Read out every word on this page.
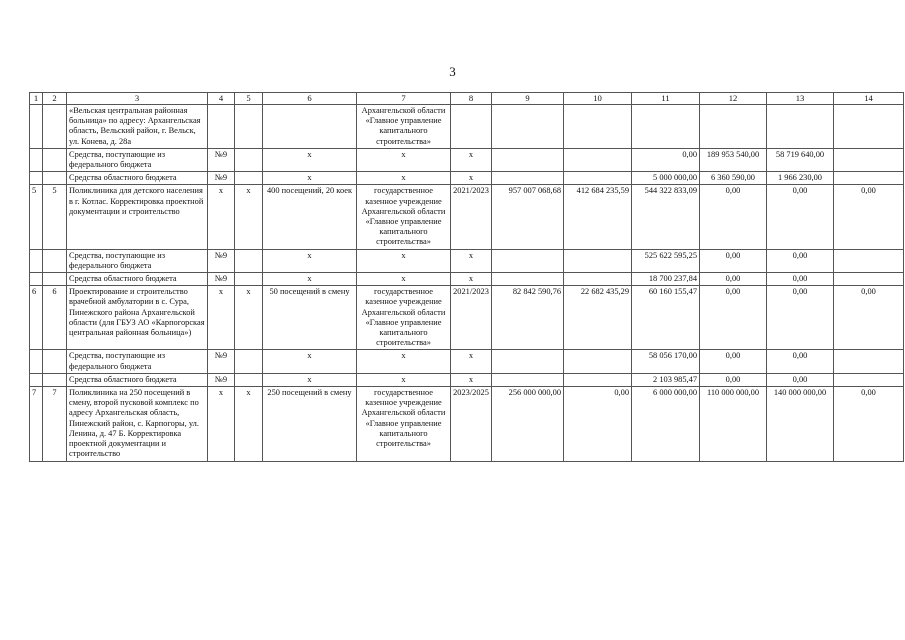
3
1	2	3	4	5	6	7	8	9	10	11	12	13	14
		«Вельская центральная районная больница» по адресу: Архангельская область, Вельский район, г. Вельск, ул. Конева, д. 28а				Архангельской области «Главное управление капитального строительства»							
		Средства, поступающие из федерального бюджета	№9		х	х	х			0,00	189 953 540,00	58 719 640,00	
		Средства областного бюджета	№9		х	х	х			5 000 000,00	6 360 590,00	1 966 230,00	
5	5	Поликлиника для детского населения в г. Котлас. Корректировка проектной документации и строительство	х	х	400 посещений, 20 коек	государственное казенное учреждение Архангельской области «Главное управление капитального строительства»	2021/2023	957 007 068,68	412 684 235,59	544 322 833,09	0,00	0,00	0,00
		Средства, поступающие из федерального бюджета	№9		х	х	х			525 622 595,25	0,00	0,00	
		Средства областного бюджета	№9		х	х	х			18 700 237,84	0,00	0,00	
6	6	Проектирование и строительство врачебной амбулатории в с. Сура, Пинежского района Архангельской области (для ГБУЗ АО «Карпогорская центральная районная больница»)	х	х	50 посещений в смену	государственное казенное учреждение Архангельской области «Главное управление капитального строительства»	2021/2023	82 842 590,76	22 682 435,29	60 160 155,47	0,00	0,00	0,00
		Средства, поступающие из федерального бюджета	№9		х	х	х			58 056 170,00	0,00	0,00	
		Средства областного бюджета	№9		х	х	х			2 103 985,47	0,00	0,00	
7	7	Поликлиника на 250 посещений в смену, второй пусковой комплекс по адресу Архангельская область, Пинежский район, с. Карпогоры, ул. Ленина, д. 47 Б. Корректировка проектной документации и строительство	х	х	250 посещений в смену	государственное казенное учреждение Архангельской области «Главное управление капитального строительства»	2023/2025	256 000 000,00	0,00	6 000 000,00	110 000 000,00	140 000 000,00	0,00
